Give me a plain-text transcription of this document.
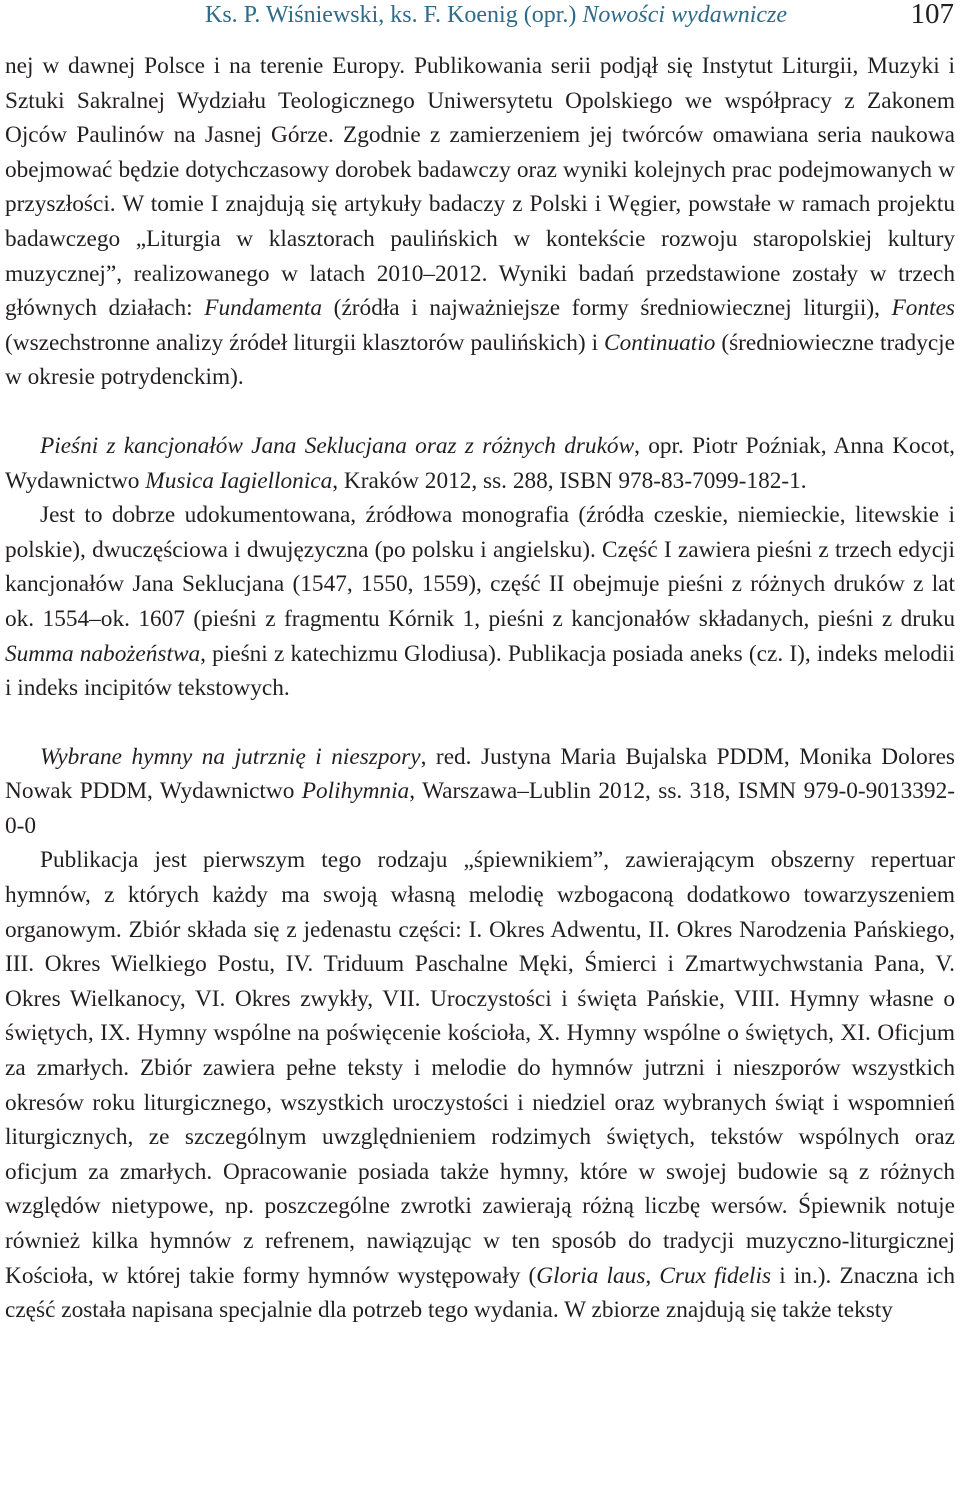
Ks. P. Wiśniewski, ks. F. Koenig (opr.) Nowości wydawnicze	107

nej w dawnej Polsce i na terenie Europy. Publikowania serii podjął się Instytut Liturgii, Muzyki i Sztuki Sakralnej Wydziału Teologicznego Uniwersytetu Opolskiego we współpracy z Zakonem Ojców Paulinów na Jasnej Górze. Zgodnie z zamierzeniem jej twórców omawiana seria naukowa obejmować będzie dotychczasowy dorobek badawczy oraz wyniki kolejnych prac podejmowanych w przyszłości. W tomie I znajdują się artykuły badaczy z Polski i Węgier, powstałe w ramach projektu badawczego „Liturgia w klasztorach paulińskich w kontekście rozwoju staropolskiej kultury muzycznej”, realizowanego w latach 2010–2012. Wyniki badań przedstawione zostały w trzech głównych działach: Fundamenta (źródła i najważniejsze formy średniowiecznej liturgii), Fontes (wszechstronne analizy źródeł liturgii klasztorów paulińskich) i Continuatio (średniowieczne tradycje w okresie potrydenckim).

Pieśni z kancjonałów Jana Seklucjana oraz z różnych druków, opr. Piotr Poźniak, Anna Kocot, Wydawnictwo Musica Iagiellonica, Kraków 2012, ss. 288, ISBN 978-83-7099-182-1.

Jest to dobrze udokumentowana, źródłowa monografia (źródła czeskie, niemieckie, litewskie i polskie), dwuczęściowa i dwujęzyczna (po polsku i angielsku). Część I zawiera pieśni z trzech edycji kancjonałów Jana Seklucjana (1547, 1550, 1559), część II obejmuje pieśni z różnych druków z lat ok. 1554–ok. 1607 (pieśni z fragmentu Kórnik 1, pieśni z kancjonałów składanych, pieśni z druku Summa nabożeństwa, pieśni z katechizmu Glodiusa). Publikacja posiada aneks (cz. I), indeks melodii i indeks incipitów tekstowych.

Wybrane hymny na jutrznię i nieszpory, red. Justyna Maria Bujalska PDDM, Monika Dolores Nowak PDDM, Wydawnictwo Polihymnia, Warszawa–Lublin 2012, ss. 318, ISMN 979-0-9013392-0-0

Publikacja jest pierwszym tego rodzaju „śpiewnikiem”, zawierającym obszerny repertuar hymnów, z których każdy ma swoją własną melodię wzbogaconą dodatkowo towarzyszeniem organowym. Zbiór składa się z jedenastu części: I. Okres Adwentu, II. Okres Narodzenia Pańskiego, III. Okres Wielkiego Postu, IV. Triduum Paschalne Męki, Śmierci i Zmartwychwstania Pana, V. Okres Wielkanocy, VI. Okres zwykły, VII. Uroczystości i święta Pańskie, VIII. Hymny własne o świętych, IX. Hymny wspólne na poświęcenie kościoła, X. Hymny wspólne o świętych, XI. Oficjum za zmarłych. Zbiór zawiera pełne teksty i melodie do hymnów jutrzni i nieszporów wszystkich okresów roku liturgicznego, wszystkich uroczystości i niedziel oraz wybranych świąt i wspomnień liturgicznych, ze szczególnym uwzględnieniem rodzimych świętych, tekstów wspólnych oraz oficjum za zmarłych. Opracowanie posiada także hymny, które w swojej budowie są z różnych względów nietypowe, np. poszczególne zwrotki zawierają różną liczbę wersów. Śpiewnik notuje również kilka hymnów z refrenem, nawiązując w ten sposób do tradycji muzyczno-liturgicznej Kościoła, w której takie formy hymnów występowały (Gloria laus, Crux fidelis i in.). Znaczna ich część została napisana specjalnie dla potrzeb tego wydania. W zbiorze znajdują się także teksty
